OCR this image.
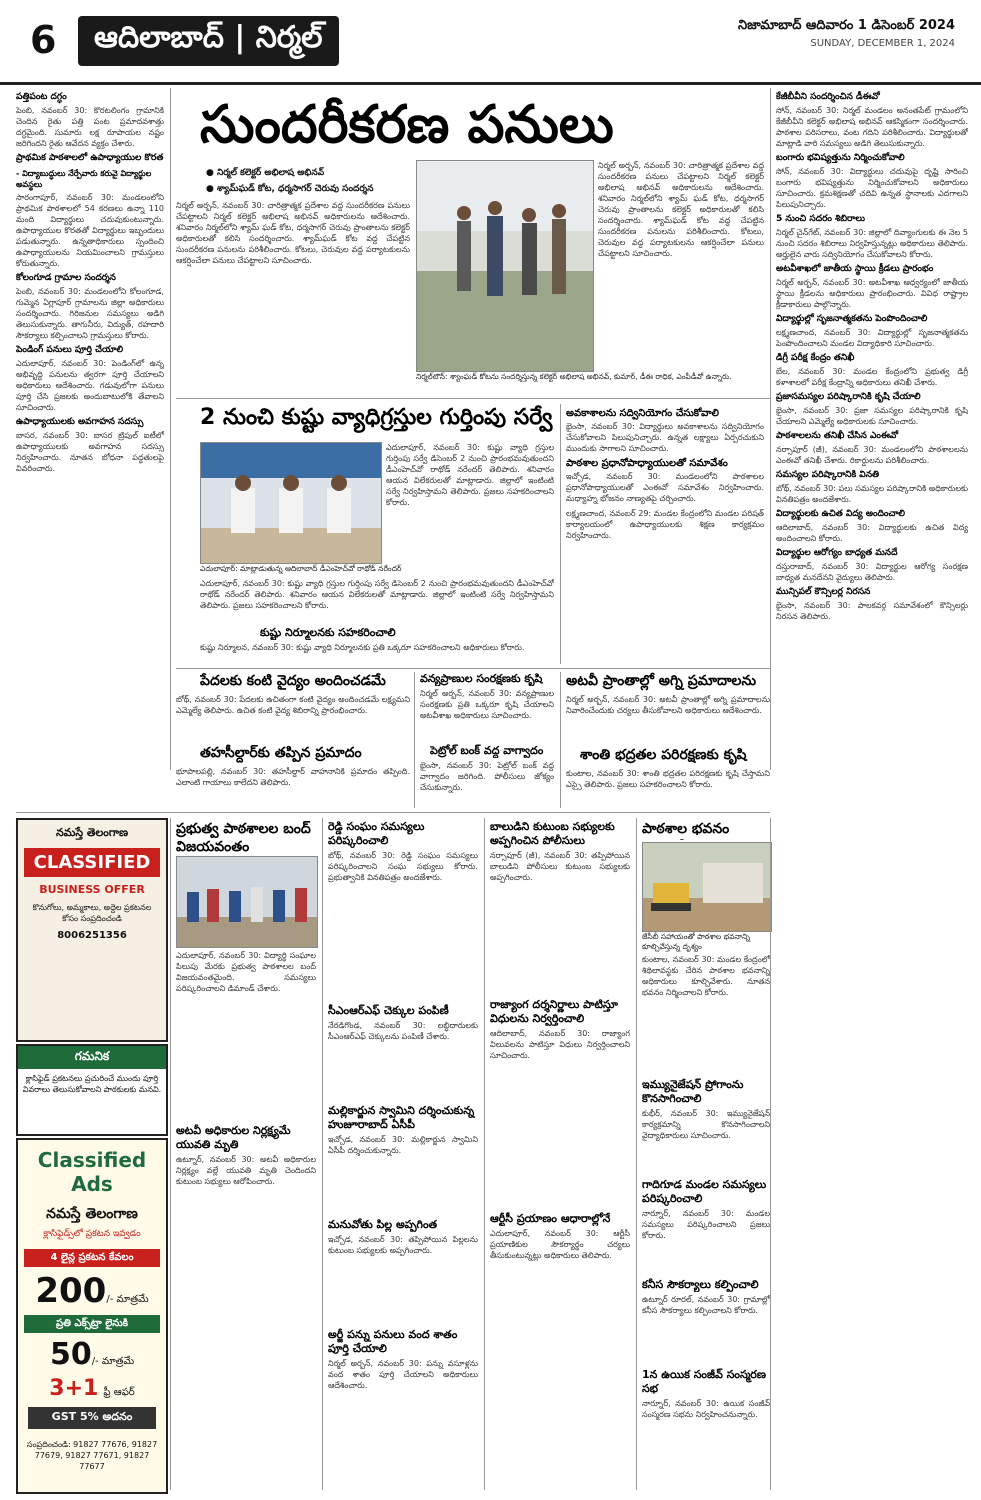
6	ఆదిలాబాద్ | నిర్మల్	నిజామాబాద్ ఆదివారం 1 డిసెంబర్ 2024
SUNDAY, DECEMBER 1, 2024
పత్తిపంట దగ్ధం

పెంబి, నవంబర్ 30: కొరటలింగం గ్రామానికి చెందిన రైతు పత్తి పంట ప్రమాదవశాత్తు దగ్ధమైంది. సుమారు లక్ష రూపాయల నష్టం జరిగిందని రైతు ఆవేదన వ్యక్తం చేశారు.

ప్రాథమిక పాఠశాలలో ఉపాధ్యాయుల కొరత
- విద్యాబుద్ధులు నేర్పేవారు కరువై విద్యార్థుల అవస్థలు

సారంగాపూర్, నవంబర్ 30: మండలంలోని ప్రాథమిక పాఠశాలలో 54 కరణలు ఉన్నా 110 మంది విద్యార్థులు చదువుకుంటున్నారు. ఉపాధ్యాయుల కొరతతో విద్యార్థులు ఇబ్బందులు పడుతున్నారు. ఉన్నతాధికారులు స్పందించి ఉపాధ్యాయులను నియమించాలని గ్రామస్తులు కోరుతున్నారు.

కోలంగూడ గ్రామాల సందర్శన

పెంబి, నవంబర్ 30: మండలంలోని కోలంగూడ, గుమ్మెన ఏగ్లాపూర్ గ్రామాలను జిల్లా అధికారులు సందర్శించారు. గిరిజనుల సమస్యలు అడిగి తెలుసుకున్నారు. తాగునీరు, విద్యుత్, రహదారి సౌకర్యాలు కల్పించాలని గ్రామస్తులు కోరారు.

పెండింగ్ పనులు పూర్తి చేయాలి

ఎదులాపూర్, నవంబర్ 30: పెండింగ్‌లో ఉన్న అభివృద్ధి పనులను త్వరగా పూర్తి చేయాలని అధికారులు ఆదేశించారు. గడువులోగా పనులు పూర్తి చేసి ప్రజలకు అందుబాటులోకి తేవాలని సూచించారు.

ఉపాధ్యాయులకు అవగాహన సదస్సు

బాసర, నవంబర్ 30: బాసర ట్రిపుల్ ఐటీలో ఉపాధ్యాయులకు అవగాహన సదస్సు నిర్వహించారు. నూతన బోధనా పద్ధతులపై వివరించారు.

సుందరీకరణ పనులు
● నిర్మల్ కలెక్టర్ అభిలాష అభినవ్
● శ్యామ్‌ఘడ్ కోట, ధర్మసాగర్ చెరువు సందర్శన

నిర్మల్ అర్బన్, నవంబర్ 30: చారిత్రాత్మక ప్రదేశాల వద్ద సుందరీకరణ పనులు చేపట్టాలని నిర్మల్ కలెక్టర్ అభిలాష అభినవ్ అధికారులను ఆదేశించారు. శనివారం నిర్మల్‌లోని శ్యామ్ ఘడ్ కోట, ధర్మసాగర్ చెరువు ప్రాంతాలను కలెక్టర్ అధికారులతో కలిసి సందర్శించారు. శ్యామ్‌ఘడ్ కోట వద్ద చేపట్టిన సుందరీకరణ పనులను పరిశీలించారు. కోటలు, చెరువుల వద్ద పర్యాటకులను ఆకర్షించేలా పనులు చేపట్టాలని సూచించారు.

నిర్మల్‌టౌన్‌: శ్యాంఘడ్ కోటను సందర్శిస్తున్న కలెక్టర్ అభిలాష అభినవ్, కుమార్, డీఈ రాధిక, ఎంపీడీవో ఉన్నారు.

నిర్మల్ అర్బన్, నవంబర్ 30: చారిత్రాత్మక ప్రదేశాల వద్ద సుందరీకరణ పనులు చేపట్టాలని నిర్మల్ కలెక్టర్ అభిలాష అభినవ్ అధికారులను ఆదేశించారు. శనివారం నిర్మల్‌లోని శ్యామ్ ఘడ్ కోట, ధర్మసాగర్ చెరువు ప్రాంతాలను కలెక్టర్ అధికారులతో కలిసి సందర్శించారు. శ్యామ్‌ఘడ్ కోట వద్ద చేపట్టిన సుందరీకరణ పనులను పరిశీలించారు. కోటలు, చెరువుల వద్ద పర్యాటకులను ఆకర్షించేలా పనులు చేపట్టాలని సూచించారు.

కేజీబీవీని సందర్శించిన డీఈవో

సోన్, నవంబర్ 30: నిర్మల్ మండలం అనంతపేట్ గ్రామంలోని కేజీబీవీని కలెక్టర్ అభిలాష అభినవ్ ఆకస్మికంగా సందర్శించారు. పాఠశాల పరిసరాలు, వంట గదిని పరిశీలించారు. విద్యార్థులతో మాట్లాడి వారి సమస్యలు అడిగి తెలుసుకున్నారు.

బంగారు భవిష్యత్తును నిర్మించుకోవాలి

సోన్, నవంబర్ 30: విద్యార్థులు చదువుపై దృష్టి సారించి బంగారు భవిష్యత్తును నిర్మించుకోవాలని అధికారులు సూచించారు. క్రమశిక్షణతో చదివి ఉన్నత స్థానాలకు ఎదగాలని పిలుపునిచ్చారు.

5 నుంచి సదరం శిబిరాలు

నిర్మల్ చైన్‌గేట్, నవంబర్ 30: జిల్లాలో దివ్యాంగులకు ఈ నెల 5 నుంచి సదరం శిబిరాలు నిర్వహిస్తున్నట్లు అధికారులు తెలిపారు. అర్హులైన వారు సద్వినియోగం చేసుకోవాలని కోరారు.

అటవీశాఖలో జాతీయ స్థాయి క్రీడలు ప్రారంభం

నిర్మల్ అర్బన్, నవంబర్ 30: అటవీశాఖ ఆధ్వర్యంలో జాతీయ స్థాయి క్రీడలను అధికారులు ప్రారంభించారు. వివిధ రాష్ట్రాల క్రీడాకారులు పాల్గొన్నారు.

విద్యార్థుల్లో సృజనాత్మకతను పెంపొందించాలి

లక్ష్మణచాంద, నవంబర్ 30: విద్యార్థుల్లో సృజనాత్మకతను పెంపొందించాలని మండల విద్యాధికారి సూచించారు.

డిగ్రీ పరీక్ష కేంద్రం తనిఖీ

బేల, నవంబర్ 30: మండల కేంద్రంలోని ప్రభుత్వ డిగ్రీ కళాశాలలో పరీక్ష కేంద్రాన్ని అధికారులు తనిఖీ చేశారు.

ప్రజాసమస్యల పరిష్కారానికి కృషి చేయాలి

భైంసా, నవంబర్ 30: ప్రజా సమస్యల పరిష్కారానికి కృషి చేయాలని ఎమ్మెల్యే అధికారులకు సూచించారు.

పాఠశాలలను తనిఖీ చేసిన ఎంఈవో

నర్సాపూర్ (జీ), నవంబర్ 30: మండలంలోని పాఠశాలలను ఎంఈవో తనిఖీ చేశారు. రికార్డులను పరిశీలించారు.

సమస్యల పరిష్కారానికి వినతి

బోథ్, నవంబర్ 30: పలు సమస్యల పరిష్కారానికి అధికారులకు వినతిపత్రం అందజేశారు.

విద్యార్థులకు ఉచిత విద్య అందించాలి

ఆదిలాబాద్, నవంబర్ 30: విద్యార్థులకు ఉచిత విద్య అందించాలని కోరారు.

విద్యార్థుల ఆరోగ్యం బాధ్యత మనదే

దస్తురాబాద్, నవంబర్ 30: విద్యార్థుల ఆరోగ్య సంరక్షణ బాధ్యత మనదేనని వైద్యులు తెలిపారు.

మున్సిపల్ కౌన్సిలర్ల నిరసన

భైంసా, నవంబర్ 30: పాలకవర్గ సమావేశంలో కౌన్సిలర్లు నిరసన తెలిపారు.

2 నుంచి కుష్టు వ్యాధిగ్రస్తుల గుర్తింపు సర్వే
ఎదులాపూర్‌: మాట్లాడుతున్న ఆదిలాబాద్ డీఎంహెచ్‌వో రాథోడ్ నరేందర్

ఎదులాపూర్, నవంబర్ 30: కుష్టు వ్యాధి గ్రస్తుల గుర్తింపు సర్వే డిసెంబర్ 2 నుంచి ప్రారంభమవుతుందని డీఎంహెచ్‌వో రాథోడ్ నరేందర్ తెలిపారు. శనివారం ఆయన విలేకరులతో మాట్లాడారు. జిల్లాలో ఇంటింటి సర్వే నిర్వహిస్తామని తెలిపారు. ప్రజలు సహకరించాలని కోరారు.

ఎదులాపూర్, నవంబర్ 30: కుష్టు వ్యాధి గ్రస్తుల గుర్తింపు సర్వే డిసెంబర్ 2 నుంచి ప్రారంభమవుతుందని డీఎంహెచ్‌వో రాథోడ్ నరేందర్ తెలిపారు. శనివారం ఆయన విలేకరులతో మాట్లాడారు. జిల్లాలో ఇంటింటి సర్వే నిర్వహిస్తామని తెలిపారు. ప్రజలు సహకరించాలని కోరారు.

కుష్టు నిర్మూలనకు సహకరించాలి

కుష్టు నిర్మూలన, నవంబర్ 30: కుష్టు వ్యాధి నిర్మూలనకు ప్రతి ఒక్కరూ సహకరించాలని అధికారులు కోరారు.

అవకాశాలను సద్వినియోగం చేసుకోవాలి

భైంసా, నవంబర్ 30: విద్యార్థులు అవకాశాలను సద్వినియోగం చేసుకోవాలని పిలుపునిచ్చారు. ఉన్నత లక్ష్యాలు ఏర్పరచుకుని ముందుకు సాగాలని సూచించారు.

పాఠశాల ప్రధానోపాధ్యాయులతో సమావేశం

ఇచ్చోడ, నవంబర్ 30: మండలంలోని పాఠశాలల ప్రధానోపాధ్యాయులతో ఎంఈవో సమావేశం నిర్వహించారు. మధ్యాహ్న భోజనం నాణ్యతపై చర్చించారు.

లక్ష్మణచాంద, నవంబర్ 29: మండల కేంద్రంలోని మండల పరిషత్ కార్యాలయంలో ఉపాధ్యాయులకు శిక్షణ కార్యక్రమం నిర్వహించారు.

పేదలకు కంటి వైద్యం అందించడమే

బోథ్, నవంబర్ 30: పేదలకు ఉచితంగా కంటి వైద్యం అందించడమే లక్ష్యమని ఎమ్మెల్యే తెలిపారు. ఉచిత కంటి వైద్య శిబిరాన్ని ప్రారంభించారు.

తహసీల్దార్‌కు తప్పిన ప్రమాదం

భూపాలపల్లి, నవంబర్ 30: తహసీల్దార్ వాహనానికి ప్రమాదం తప్పింది. ఎలాంటి గాయాలు కాలేదని తెలిపారు.

వన్యప్రాణుల సంరక్షణకు కృషి

నిర్మల్ అర్బన్, నవంబర్ 30: వన్యప్రాణుల సంరక్షణకు ప్రతి ఒక్కరూ కృషి చేయాలని అటవీశాఖ అధికారులు సూచించారు.

పెట్రోల్ బంక్ వద్ద వాగ్వాదం

భైంసా, నవంబర్ 30: పెట్రోల్ బంక్ వద్ద వాగ్వాదం జరిగింది. పోలీసులు జోక్యం చేసుకున్నారు.

అటవీ ప్రాంతాల్లో అగ్ని ప్రమాదాలను

నిర్మల్ అర్బన్, నవంబర్ 30: అటవీ ప్రాంతాల్లో అగ్ని ప్రమాదాలను నివారించేందుకు చర్యలు తీసుకోవాలని అధికారులు ఆదేశించారు.

శాంతి భద్రతల పరిరక్షణకు కృషి

కుంటాల, నవంబర్ 30: శాంతి భద్రతల పరిరక్షణకు కృషి చేస్తామని ఎస్సై తెలిపారు. ప్రజలు సహకరించాలని కోరారు.

నమస్తే తెలంగాణ
CLASSIFIED
BUSINESS OFFER
కొనుగోలు, అమ్మకాలు, అద్దెల ప్రకటనల కోసం సంప్రదించండి
8006251356
గమనిక
క్లాసిఫైడ్ ప్రకటనలు ప్రచురించే ముందు పూర్తి వివరాలు తెలుసుకోవాలని పాఠకులకు మనవి.
Classified Ads
నమస్తే తెలంగాణ
క్లాసిఫైడ్స్‌లో ప్రకటన ఇవ్వడం
4 లైన్ల ప్రకటన కేవలం
200/- మాత్రమే
ప్రతి ఎక్స్‌ట్రా లైనుకి
50/- మాత్రమే
3+1 ఫ్రీ ఆఫర్
GST 5% అదనం
సంప్రదించండి: 91827 77676, 91827 77679, 91827 77671, 91827 77677
ప్రభుత్వ పాఠశాలల బంద్ విజయవంతం

ఎదులాపూర్, నవంబర్ 30: విద్యార్థి సంఘాల పిలుపు మేరకు ప్రభుత్వ పాఠశాలల బంద్ విజయవంతమైంది. సమస్యలు పరిష్కరించాలని డిమాండ్ చేశారు.

అటవీ అధికారుల నిర్లక్ష్యమే యువతి మృతి

ఉట్నూర్, నవంబర్ 30: అటవీ అధికారుల నిర్లక్ష్యం వల్లే యువతి మృతి చెందిందని కుటుంబ సభ్యులు ఆరోపించారు.

రెడ్డి సంఘం సమస్యలు పరిష్కరించాలి

బోథ్, నవంబర్ 30: రెడ్డి సంఘం సమస్యలు పరిష్కరించాలని సంఘ సభ్యులు కోరారు. ప్రభుత్వానికి వినతిపత్రం అందజేశారు.

సీఎంఆర్ఎఫ్ చెక్కుల పంపిణీ

నేరడిగొండ, నవంబర్ 30: లబ్ధిదారులకు సీఎంఆర్ఎఫ్ చెక్కులను పంపిణీ చేశారు.

మల్లికార్జున స్వామిని దర్శించుకున్న హుజూరాబాద్ ఏసీపీ

ఇచ్చోడ, నవంబర్ 30: మల్లికార్జున స్వామిని ఏసీపీ దర్శించుకున్నారు.

మనువోతు పిల్ల అప్పగింత

ఇచ్చోడ, నవంబర్ 30: తప్పిపోయిన పిల్లలను కుటుంబ సభ్యులకు అప్పగించారు.

అర్జీ పన్ను పనులు వంద శాతం పూర్తి చేయాలి

నిర్మల్ అర్బన్, నవంబర్ 30: పన్ను వసూళ్లను వంద శాతం పూర్తి చేయాలని అధికారులు ఆదేశించారు.

బాలుడిని కుటుంబ సభ్యులకు అప్పగించిన పోలీసులు

నర్సాపూర్ (జీ), నవంబర్ 30: తప్పిపోయిన బాలుడిని పోలీసులు కుటుంబ సభ్యులకు అప్పగించారు.

రాజ్యాంగ దర్శనిర్ణాలు పాటిస్తూ విధులను నిర్వర్తించాలి

ఆదిలాబాద్, నవంబర్ 30: రాజ్యాంగ విలువలను పాటిస్తూ విధులు నిర్వర్తించాలని సూచించారు.

ఆర్టీసీ ప్రయాణం ఆధారాల్లోనే

ఎదులాపూర్, నవంబర్ 30: ఆర్టీసీ ప్రయాణికుల సౌకర్యార్థం చర్యలు తీసుకుంటున్నట్లు అధికారులు తెలిపారు.

పాఠశాల భవనం
జేసీబీ సహాయంతో పాఠశాల భవనాన్ని కూల్చివేస్తున్న దృశ్యం

కుంటాల, నవంబర్ 30: మండల కేంద్రంలో శిథిలావస్థకు చేరిన పాఠశాల భవనాన్ని అధికారులు కూల్చివేశారు. నూతన భవనం నిర్మించాలని కోరారు.

ఇమ్యునైజేషన్ ప్రోగాంను కొనసాగించాలి

కుభీర్, నవంబర్ 30: ఇమ్యునైజేషన్ కార్యక్రమాన్ని కొనసాగించాలని వైద్యాధికారులు సూచించారు.

గాదిగూడ మండల సమస్యలు పరిష్కరించాలి

నార్నూర్, నవంబర్ 30: మండల సమస్యలు పరిష్కరించాలని ప్రజలు కోరారు.

కనీస సౌకర్యాలు కల్పించాలి

ఉట్నూర్ రూరల్, నవంబర్ 30: గ్రామాల్లో కనీస సౌకర్యాలు కల్పించాలని కోరారు.

1న ఉయిక సంజీవ్ సంస్మరణ సభ

నార్నూర్, నవంబర్ 30: ఉయిక సంజీవ్ సంస్మరణ సభను నిర్వహించనున్నారు.
